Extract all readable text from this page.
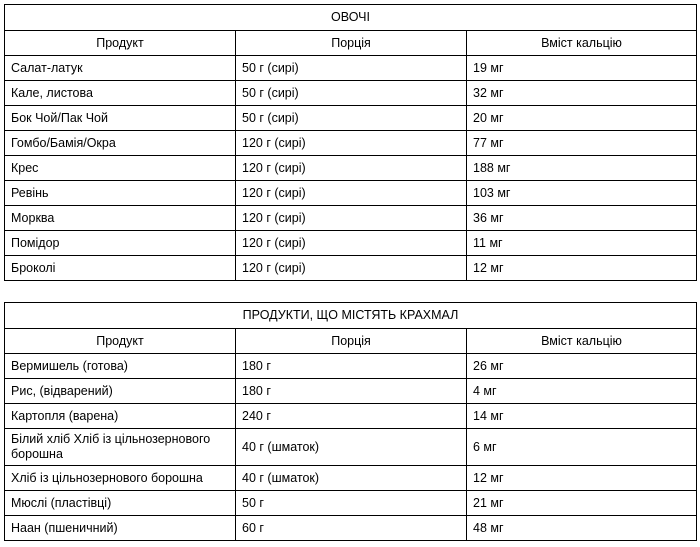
ОВОЧІ		
Продукт	Порція	Вміст кальцію
Салат-латук	50 г (сирі)	19 мг
Кале, листова	50 г (сирі)	32 мг
Бок Чой/Пак Чой	50 г (сирі)	20 мг
Гомбо/Бамія/Окра	120 г (сирі)	77 мг
Крес	120 г (сирі)	188 мг
Ревінь	120 г (сирі)	103 мг
Морква	120 г (сирі)	36 мг
Помідор	120 г (сирі)	11 мг
Броколі	120 г (сирі)	12 мг
ПРОДУКТИ, ЩО МІСТЯТЬ КРАХМАЛ		
Продукт	Порція	Вміст кальцію
Вермишель (готова)	180 г	26 мг
Рис, (відварений)	180 г	4 мг
Картопля (варена)	240 г	14 мг
Білий хліб Хліб із цільнозернового борошна	40 г (шматок)	6 мг
Хліб із цільнозернового борошна	40 г (шматок)	12 мг
Мюслі (пластівці)	50 г	21 мг
Наан (пшеничний)	60 г	48 мг
